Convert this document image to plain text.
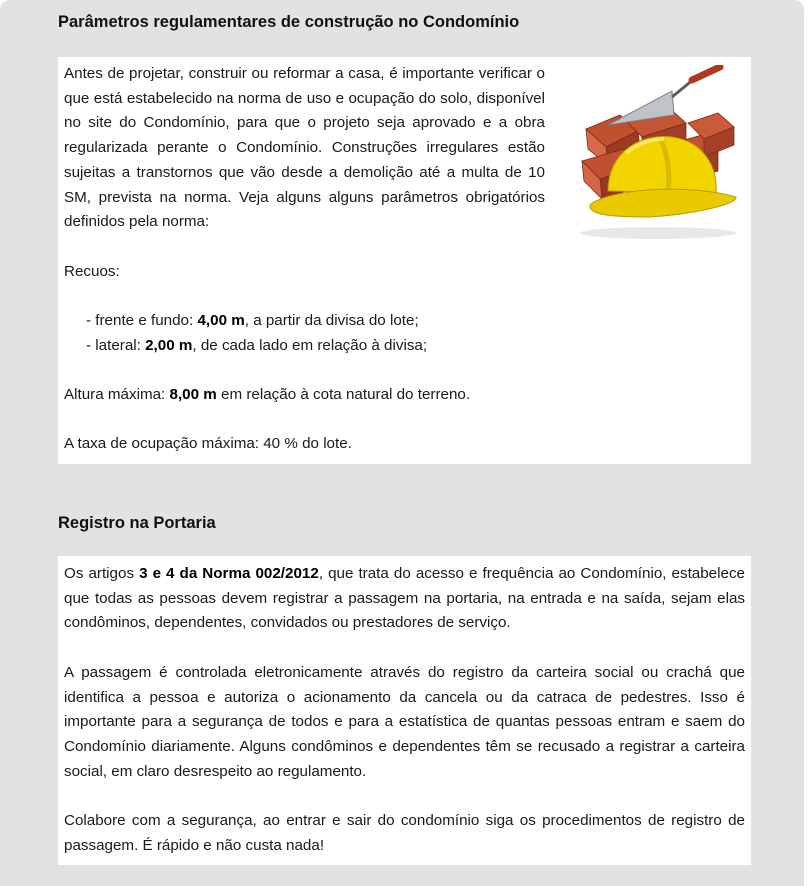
Parâmetros regulamentares de construção no Condomínio

Antes de projetar, construir ou reformar a casa, é importante verificar o que está estabelecido na norma de uso e ocupação do solo, disponível no site do Condomínio, para que o projeto seja aprovado e a obra regularizada perante o Condomínio. Construções irregulares estão sujeitas a transtornos que vão desde a demolição até a multa de 10 SM, prevista na norma. Veja alguns alguns parâmetros obrigatórios definidos pela norma:

Recuos:

- frente e fundo: 4,00 m, a partir da divisa do lote;

- lateral: 2,00 m, de cada lado em relação à divisa;

Altura máxima: 8,00 m em relação à cota natural do terreno.

A taxa de ocupação máxima: 40 % do lote.

Registro na Portaria

Os artigos 3 e 4 da Norma 002/2012, que trata do acesso e frequência ao Condomínio, estabelece que todas as pessoas devem registrar a passagem na portaria, na entrada e na saída, sejam elas condôminos, dependentes, convidados ou prestadores de serviço.

A passagem é controlada eletronicamente através do registro da carteira social ou crachá que identifica a pessoa e autoriza o acionamento da cancela ou da catraca de pedestres. Isso é importante para a segurança de todos e para a estatística de quantas pessoas entram e saem do Condomínio diariamente. Alguns condôminos e dependentes têm se recusado a registrar a carteira social, em claro desrespeito ao regulamento.

Colabore com a segurança, ao entrar e sair do condomínio siga os procedimentos de registro de passagem. É rápido e não custa nada!
